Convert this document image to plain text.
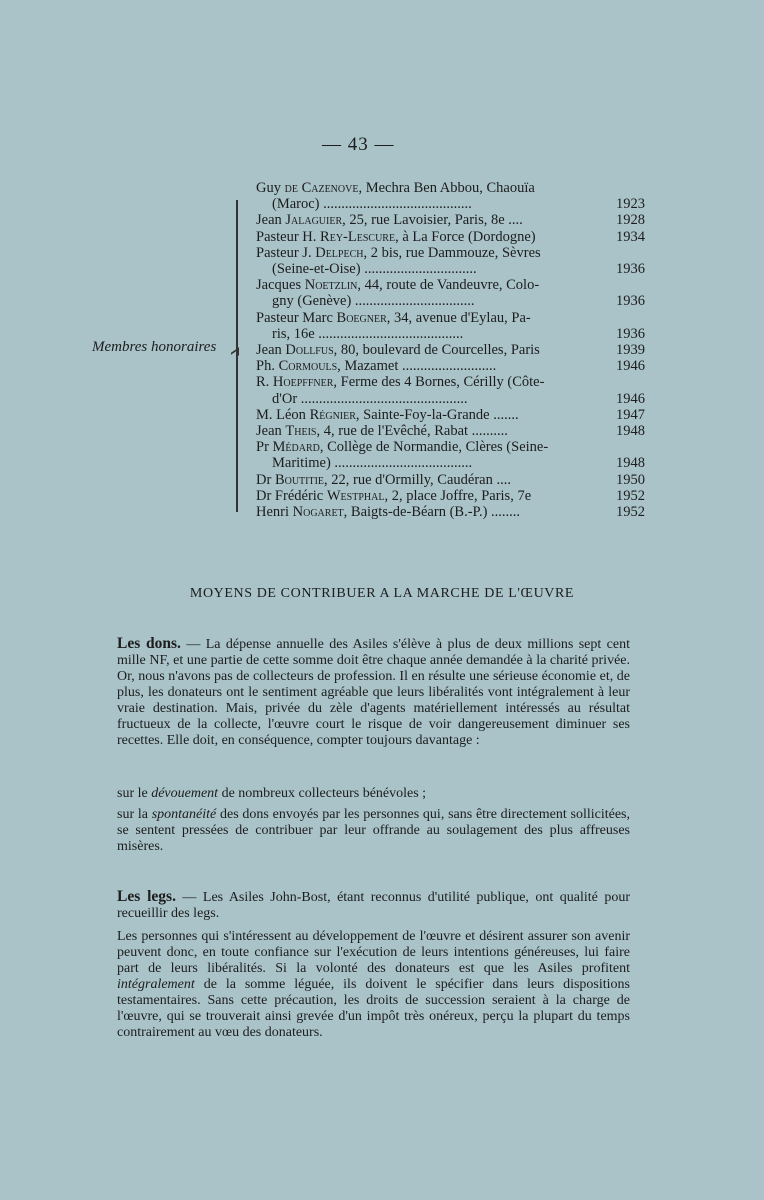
— 43 —
Membres honoraires
Guy de Cazenove, Mechra Ben Abbou, Chaouïa
(Maroc) .........................................	1923
Jean Jalaguier, 25, rue Lavoisier, Paris, 8e ....	1928
Pasteur H. Rey-Lescure, à La Force (Dordogne)	1934
Pasteur J. Delpech, 2 bis, rue Dammouze, Sèvres
(Seine-et-Oise) ...............................	1936
Jacques Noetzlin, 44, route de Vandeuvre, Colo-
gny (Genève) .................................	1936
Pasteur Marc Boegner, 34, avenue d'Eylau, Pa-
ris, 16e ........................................	1936
Jean Dollfus, 80, boulevard de Courcelles, Paris	1939
Ph. Cormouls, Mazamet ..........................	1946
R. Hoepffner, Ferme des 4 Bornes, Cérilly (Côte-
d'Or ..............................................	1946
M. Léon Régnier, Sainte-Foy-la-Grande .......	1947
Jean Theis, 4, rue de l'Evêché, Rabat ..........	1948
Pr Médard, Collège de Normandie, Clères (Seine-
Maritime) ......................................	1948
Dr Boutitie, 22, rue d'Ormilly, Caudéran ....	1950
Dr Frédéric Westphal, 2, place Joffre, Paris, 7e	1952
Henri Nogaret, Baigts-de-Béarn (B.-P.) ........	1952
MOYENS DE CONTRIBUER A LA MARCHE DE L'ŒUVRE
Les dons. — La dépense annuelle des Asiles s'élève à plus de deux millions sept cent mille NF, et une partie de cette somme doit être chaque année demandée à la charité privée. Or, nous n'avons pas de collecteurs de profession. Il en résulte une sérieuse économie et, de plus, les donateurs ont le sentiment agréable que leurs libéralités vont intégralement à leur vraie destination. Mais, privée du zèle d'agents matériellement intéressés au résultat fructueux de la collecte, l'œuvre court le risque de voir dangereusement diminuer ses recettes. Elle doit, en conséquence, compter toujours davantage :
sur le dévouement de nombreux collecteurs bénévoles ;
sur la spontanéité des dons envoyés par les personnes qui, sans être directement sollicitées, se sentent pressées de contribuer par leur offrande au soulagement des plus affreuses misères.
Les legs. — Les Asiles John-Bost, étant reconnus d'utilité publique, ont qualité pour recueillir des legs.
Les personnes qui s'intéressent au développement de l'œuvre et désirent assurer son avenir peuvent donc, en toute confiance sur l'exécution de leurs intentions généreuses, lui faire part de leurs libéralités. Si la volonté des donateurs est que les Asiles profitent intégralement de la somme léguée, ils doivent le spécifier dans leurs dispositions testamentaires. Sans cette précaution, les droits de succession seraient à la charge de l'œuvre, qui se trouverait ainsi grevée d'un impôt très onéreux, perçu la plupart du temps contrairement au vœu des donateurs.
